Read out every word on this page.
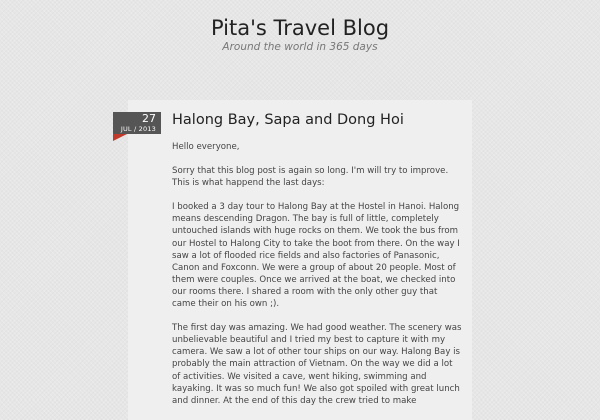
Pita's Travel Blog
Around the world in 365 days
27
JUL / 2013
Halong Bay, Sapa and Dong Hoi

Hello everyone,

Sorry that this blog post is again so long. I'm will try to improve. This is what happend the last days:

I booked a 3 day tour to Halong Bay at the Hostel in Hanoi. Halong means descending Dragon. The bay is full of little, completely untouched islands with huge rocks on them. We took the bus from our Hostel to Halong City to take the boot from there. On the way I saw a lot of flooded rice fields and also factories of Panasonic, Canon and Foxconn. We were a group of about 20 people. Most of them were couples. Once we arrived at the boat, we checked into our rooms there. I shared a room with the only other guy that came their on his own ;).

The first day was amazing. We had good weather. The scenery was unbelievable beautiful and I tried my best to capture it with my camera. We saw a lot of other tour ships on our way. Halong Bay is probably the main attraction of Vietnam. On the way we did a lot of activities. We visited a cave, went hiking, swimming and kayaking. It was so much fun! We also got spoiled with great lunch and dinner. At the end of this day the crew tried to make
